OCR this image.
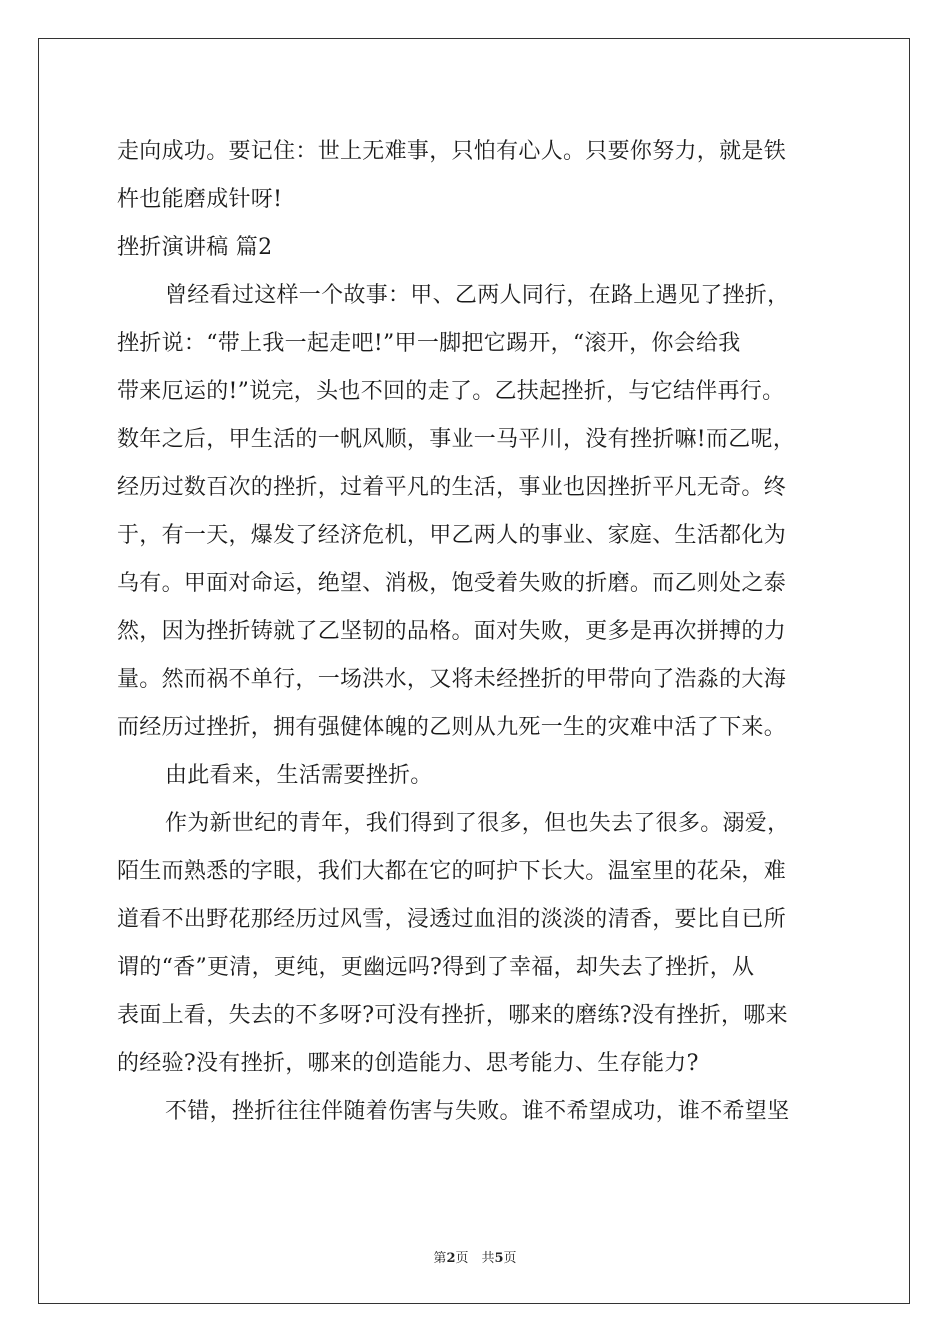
走向成功。要记住：世上无难事，只怕有心人。只要你努力，就是铁
杵也能磨成针呀!
挫折演讲稿 篇2
曾经看过这样一个故事：甲、乙两人同行，在路上遇见了挫折，
挫折说：“带上我一起走吧!”甲一脚把它踢开，“滚开，你会给我
带来厄运的!”说完，头也不回的走了。乙扶起挫折，与它结伴再行。
数年之后，甲生活的一帆风顺，事业一马平川，没有挫折嘛!而乙呢，
经历过数百次的挫折，过着平凡的生活，事业也因挫折平凡无奇。终
于，有一天，爆发了经济危机，甲乙两人的事业、家庭、生活都化为
乌有。甲面对命运，绝望、消极，饱受着失败的折磨。而乙则处之泰
然，因为挫折铸就了乙坚韧的品格。面对失败，更多是再次拼搏的力
量。然而祸不单行，一场洪水，又将未经挫折的甲带向了浩淼的大海
而经历过挫折，拥有强健体魄的乙则从九死一生的灾难中活了下来。
由此看来，生活需要挫折。
作为新世纪的青年，我们得到了很多，但也失去了很多。溺爱，
陌生而熟悉的字眼，我们大都在它的呵护下长大。温室里的花朵，难
道看不出野花那经历过风雪，浸透过血泪的淡淡的清香，要比自已所
谓的“香”更清，更纯，更幽远吗?得到了幸福，却失去了挫折，从
表面上看，失去的不多呀?可没有挫折，哪来的磨练?没有挫折，哪来
的经验?没有挫折，哪来的创造能力、思考能力、生存能力?
不错，挫折往往伴随着伤害与失败。谁不希望成功，谁不希望坚
第2页　共5页
